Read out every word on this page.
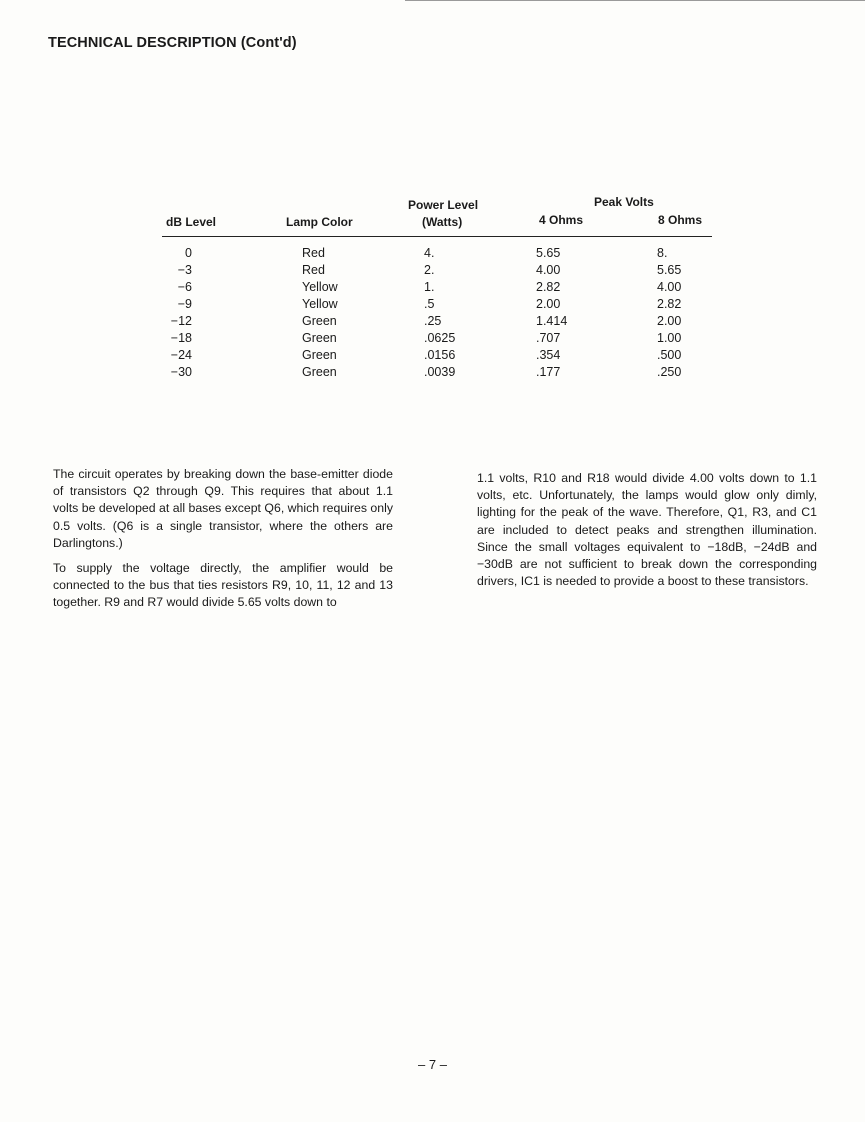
TECHNICAL DESCRIPTION (Cont'd)
dB Level	Lamp Color
Power Level
(Watts)
Peak Volts
4 Ohms	8 Ohms
0	Red	4.	5.65	8.
−3	Red	2.	4.00	5.65
−6	Yellow	1.	2.82	4.00
−9	Yellow	.5	2.00	2.82
−12	Green	.25	1.414	2.00
−18	Green	.0625	.707	1.00
−24	Green	.0156	.354	.500
−30	Green	.0039	.177	.250

The circuit operates by breaking down the base-emitter diode of transistors Q2 through Q9. This requires that about 1.1 volts be developed at all bases except Q6, which requires only 0.5 volts. (Q6 is a single transistor, where the others are Darlingtons.)

To supply the voltage directly, the amplifier would be connected to the bus that ties resistors R9, 10, 11, 12 and 13 together. R9 and R7 would divide 5.65 volts down to

1.1 volts, R10 and R18 would divide 4.00 volts down to 1.1 volts, etc. Unfortunately, the lamps would glow only dimly, lighting for the peak of the wave. Therefore, Q1, R3, and C1 are included to detect peaks and strengthen illumination. Since the small voltages equivalent to −18dB, −24dB and −30dB are not sufficient to break down the corresponding drivers, IC1 is needed to provide a boost to these transistors.

– 7 –
